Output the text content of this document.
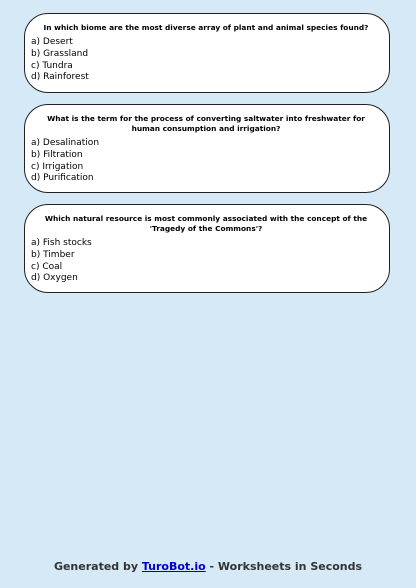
In which biome are the most diverse array of plant and animal species found?
a) Desert
b) Grassland
c) Tundra
d) Rainforest
What is the term for the process of converting saltwater into freshwater for human consumption and irrigation?
a) Desalination
b) Filtration
c) Irrigation
d) Purification
Which natural resource is most commonly associated with the concept of the 'Tragedy of the Commons'?
a) Fish stocks
b) Timber
c) Coal
d) Oxygen
Generated by TuroBot.io - Worksheets in Seconds
